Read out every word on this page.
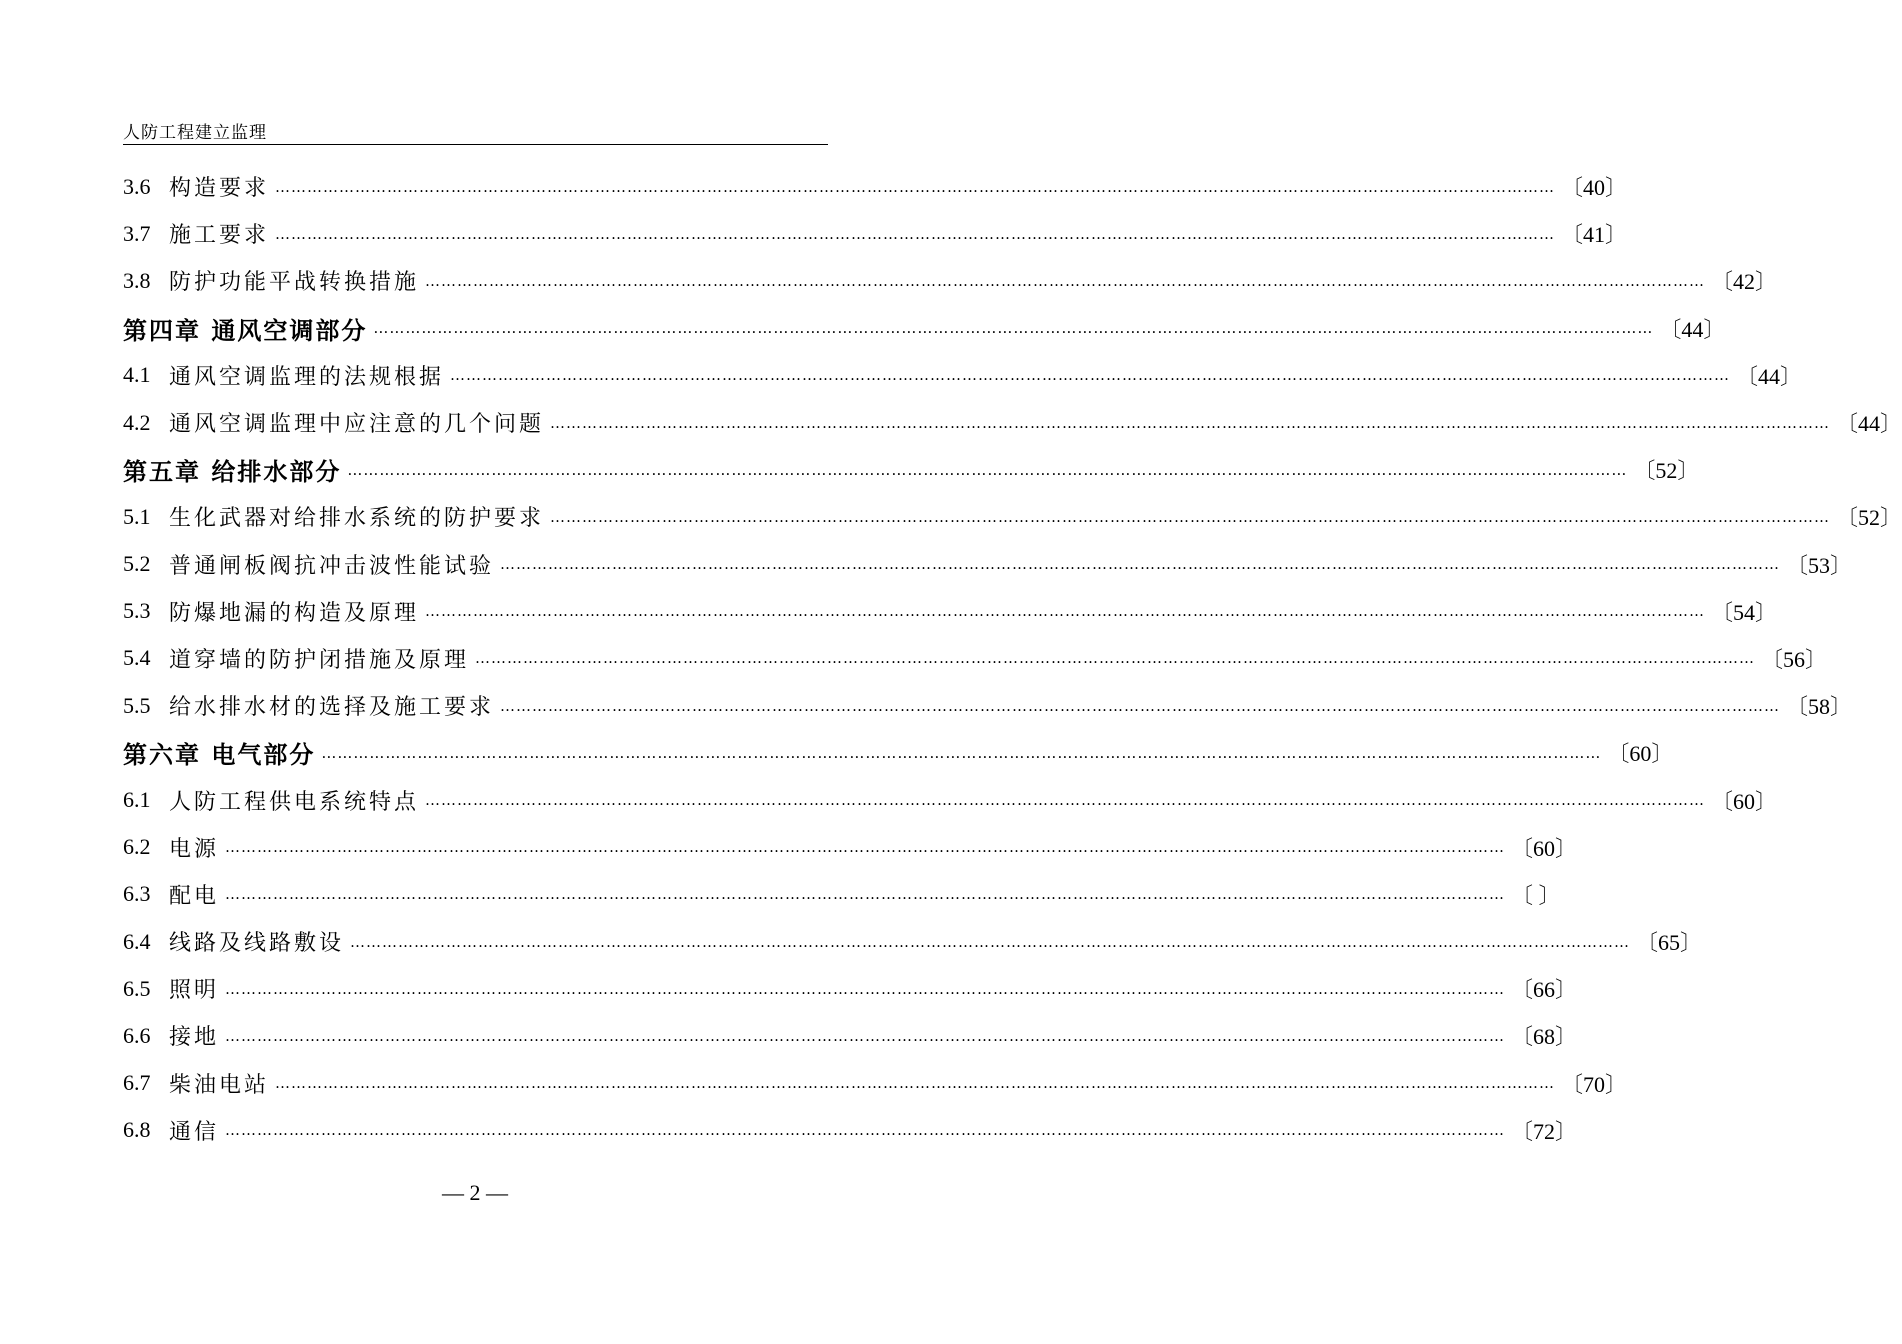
人防工程建立监理
3.6 构造要求 …………………………………………………………………………………………………………………………………………………………………………………………………………………… 〔40〕
3.7 施工要求 …………………………………………………………………………………………………………………………………………………………………………………………………………………… 〔41〕
3.8 防护功能平战转换措施 …………………………………………………………………………………………………………………………………………………………………………………………………………………… 〔42〕
第四章 通风空调部分 …………………………………………………………………………………………………………………………………………………………………………………………………………………… 〔44〕
4.1 通风空调监理的法规根据 …………………………………………………………………………………………………………………………………………………………………………………………………………………… 〔44〕
4.2 通风空调监理中应注意的几个问题 …………………………………………………………………………………………………………………………………………………………………………………………………………………… 〔44〕
第五章 给排水部分 …………………………………………………………………………………………………………………………………………………………………………………………………………………… 〔52〕
5.1 生化武器对给排水系统的防护要求 …………………………………………………………………………………………………………………………………………………………………………………………………………………… 〔52〕
5.2 普通闸板阀抗冲击波性能试验 …………………………………………………………………………………………………………………………………………………………………………………………………………………… 〔53〕
5.3 防爆地漏的构造及原理 …………………………………………………………………………………………………………………………………………………………………………………………………………………… 〔54〕
5.4 道穿墙的防护闭措施及原理 …………………………………………………………………………………………………………………………………………………………………………………………………………………… 〔56〕
5.5 给水排水材的选择及施工要求 …………………………………………………………………………………………………………………………………………………………………………………………………………………… 〔58〕
第六章 电气部分 …………………………………………………………………………………………………………………………………………………………………………………………………………………… 〔60〕
6.1 人防工程供电系统特点 …………………………………………………………………………………………………………………………………………………………………………………………………………………… 〔60〕
6.2 电源 …………………………………………………………………………………………………………………………………………………………………………………………………………………… 〔60〕
6.3 配电 …………………………………………………………………………………………………………………………………………………………………………………………………………………… 〔 〕
6.4 线路及线路敷设 …………………………………………………………………………………………………………………………………………………………………………………………………………………… 〔65〕
6.5 照明 …………………………………………………………………………………………………………………………………………………………………………………………………………………… 〔66〕
6.6 接地 …………………………………………………………………………………………………………………………………………………………………………………………………………………… 〔68〕
6.7 柴油电站 …………………………………………………………………………………………………………………………………………………………………………………………………………………… 〔70〕
6.8 通信 …………………………………………………………………………………………………………………………………………………………………………………………………………………… 〔72〕
— 2 —
